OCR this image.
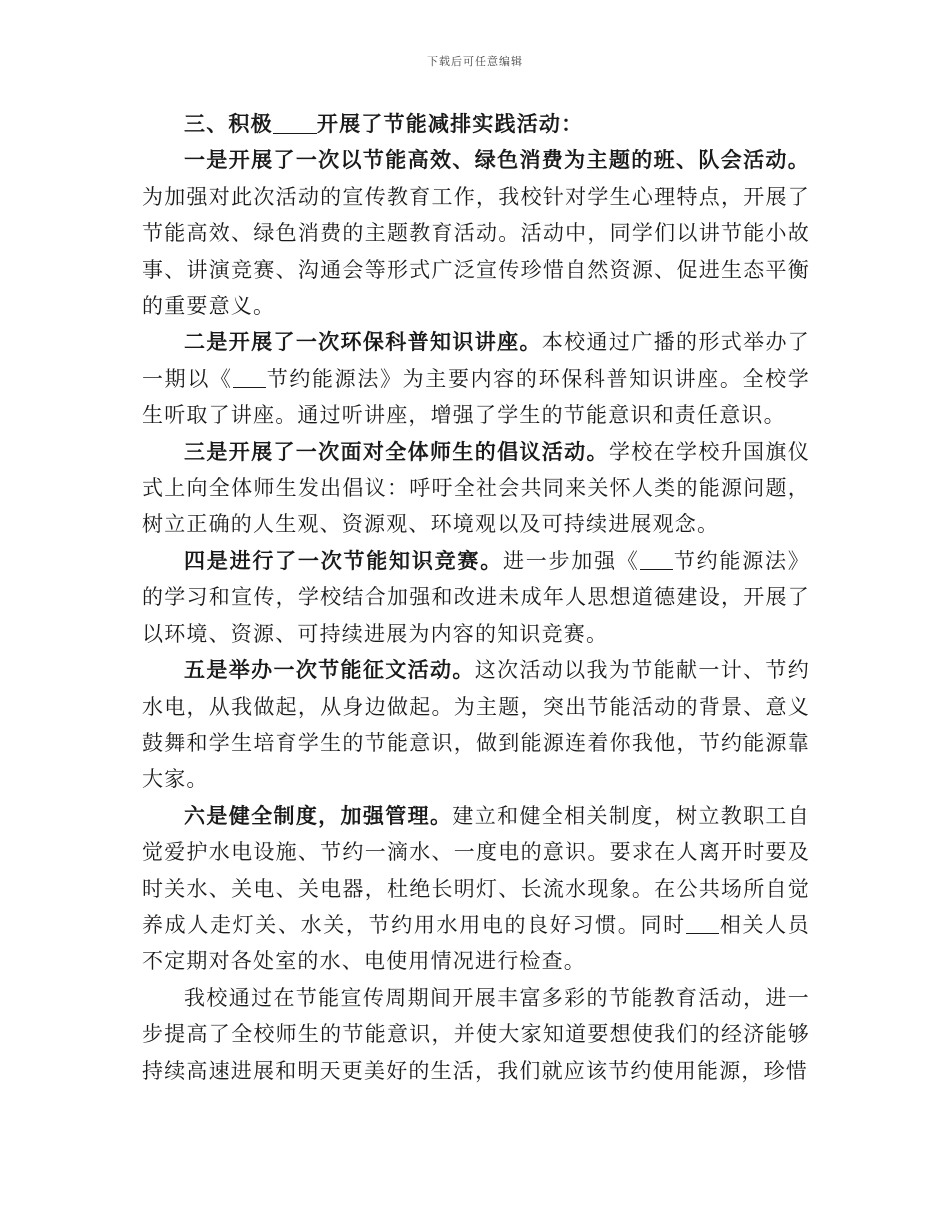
下载后可任意编辑

三、积极 开展了节能减排实践活动：

一是开展了一次以节能高效、绿色消费为主题的班、队会活动。为加强对此次活动的宣传教育工作，我校针对学生心理特点，开展了节能高效、绿色消费的主题教育活动。活动中，同学们以讲节能小故事、讲演竞赛、沟通会等形式广泛宣传珍惜自然资源、促进生态平衡的重要意义。

二是开展了一次环保科普知识讲座。本校通过广播的形式举办了一期以《 节约能源法》为主要内容的环保科普知识讲座。全校学生听取了讲座。通过听讲座，增强了学生的节能意识和责任意识。

三是开展了一次面对全体师生的倡议活动。学校在学校升国旗仪式上向全体师生发出倡议：呼吁全社会共同来关怀人类的能源问题，树立正确的人生观、资源观、环境观以及可持续进展观念。

四是进行了一次节能知识竞赛。进一步加强《 节约能源法》的学习和宣传，学校结合加强和改进未成年人思想道德建设，开展了以环境、资源、可持续进展为内容的知识竞赛。

五是举办一次节能征文活动。这次活动以我为节能献一计、节约水电，从我做起，从身边做起。为主题，突出节能活动的背景、意义鼓舞和学生培育学生的节能意识，做到能源连着你我他，节约能源靠大家。

六是健全制度，加强管理。建立和健全相关制度，树立教职工自觉爱护水电设施、节约一滴水、一度电的意识。要求在人离开时要及时关水、关电、关电器，杜绝长明灯、长流水现象。在公共场所自觉养成人走灯关、水关，节约用水用电的良好习惯。同时 相关人员不定期对各处室的水、电使用情况进行检查。

我校通过在节能宣传周期间开展丰富多彩的节能教育活动，进一步提高了全校师生的节能意识，并使大家知道要想使我们的经济能够持续高速进展和明天更美好的生活，我们就应该节约使用能源，珍惜
